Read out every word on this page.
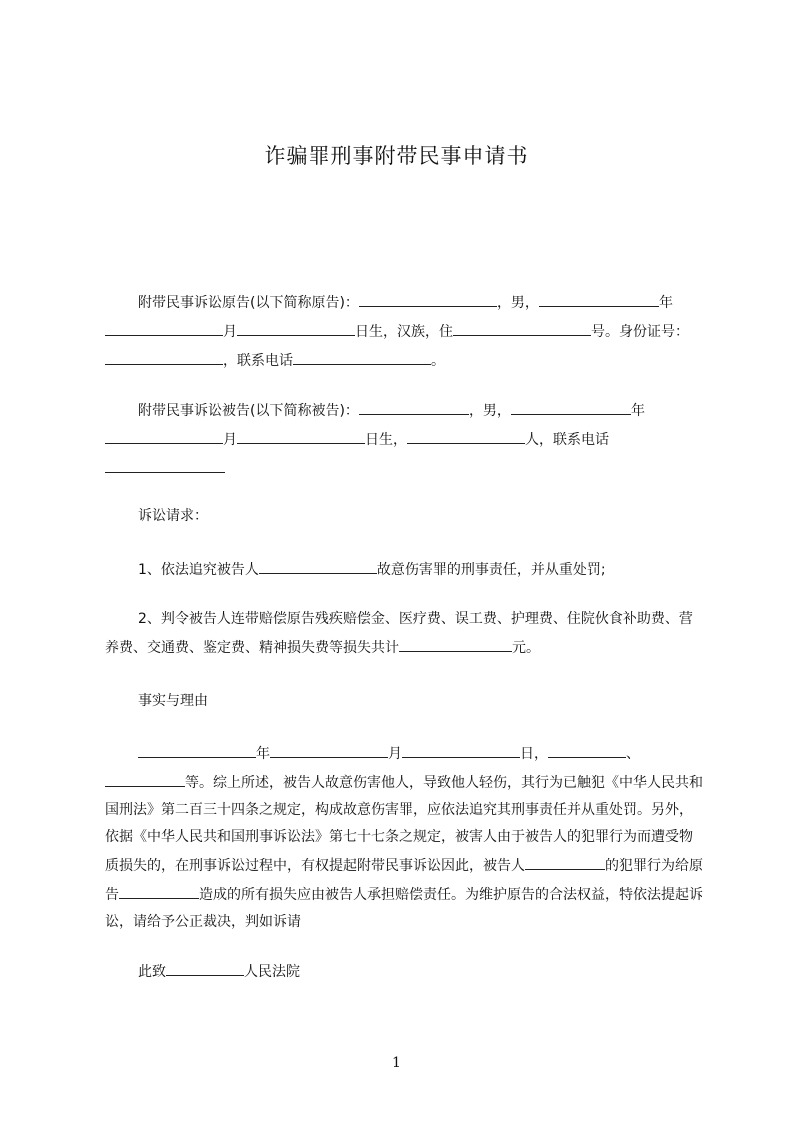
诈骗罪刑事附带民事申请书

附带民事诉讼原告(以下简称原告)：	，男，	年月	日生，汉族，住	号。身份证号：，联系电话	。

附带民事诉讼被告(以下简称被告)：	，男，	年月	日生，	人，联系电话

诉讼请求：

1、依法追究被告人	故意伤害罪的刑事责任，并从重处罚;

2、判令被告人连带赔偿原告残疾赔偿金、医疗费、误工费、护理费、住院伙食补助费、营养费、交通费、鉴定费、精神损失费等损失共计	元。

事实与理由

年	月	日，	、等。综上所述，被告人故意伤害他人，导致他人轻伤，其行为已触犯《中华人民共和国刑法》第二百三十四条之规定，构成故意伤害罪，应依法追究其刑事责任并从重处罚。另外，依据《中华人民共和国刑事诉讼法》第七十七条之规定，被害人由于被告人的犯罪行为而遭受物质损失的，在刑事诉讼过程中，有权提起附带民事诉讼因此，被告人	的犯罪行为给原告	造成的所有损失应由被告人承担赔偿责任。为维护原告的合法权益，特依法提起诉讼，请给予公正裁决，判如诉请

此致	人民法院

1
